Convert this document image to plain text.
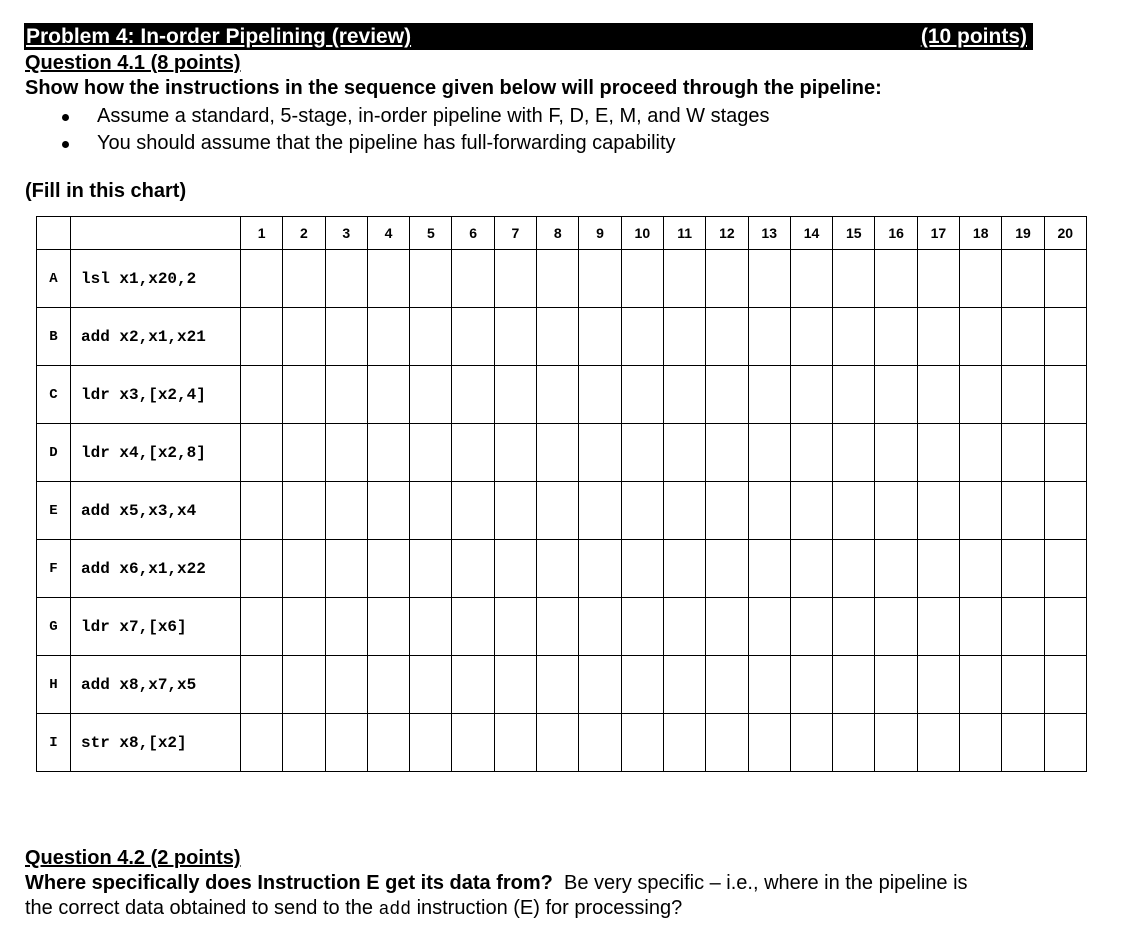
Problem 4: In-order Pipelining (review)	(10 points)
Question 4.1 (8 points)
Show how the instructions in the sequence given below will proceed through the pipeline:
Assume a standard, 5-stage, in-order pipeline with F, D, E, M, and W stages
You should assume that the pipeline has full-forwarding capability
(Fill in this chart)
		1	2	3	4	5	6	7	8	9	10	11	12	13	14	15	16	17	18	19	20
A	lsl x1,x20,2																				
B	add x2,x1,x21																				
C	ldr x3,[x2,4]																				
D	ldr x4,[x2,8]																				
E	add x5,x3,x4																				
F	add x6,x1,x22																				
G	ldr x7,[x6]																				
H	add x8,x7,x5																				
I	str x8,[x2]																				
Question 4.2 (2 points)
Where specifically does Instruction E get its data from? Be very specific – i.e., where in the pipeline is the correct data obtained to send to the add instruction (E) for processing?
